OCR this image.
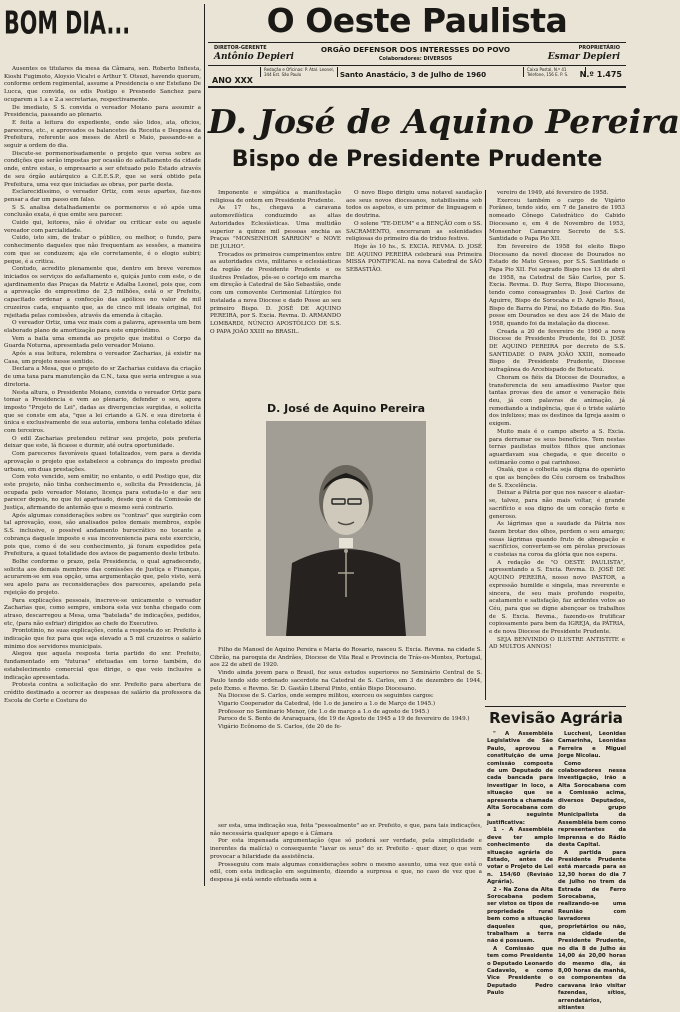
BOM DIA...

Ausentes os titulares da mesa da Câmara, sen. Roberto Infiesta, Kioshi Fugimoto, Aloysio Vicalvi e Arthur Y. Otsuzi, havendo quorum, conforme ordem regimental, assume a Presidencia o snr Estefano De Lucca, que convida, os edis Postigo e Presnedo Sanchez para ocuparem a 1.a e 2.a secretarias, respectivamente.

De imediato, S S. convida o vereador Moiano para assumir a Presidencia, passando ao plenario.

E feita a leitura do expediente, onde são lidos, ata, oficios, pareceres, etc., e aprovados os balancetes da Receita e Despesa da Prefeitura, referente aos meses de Abril e Maio, passando-se a seguir a ordem do dia.

Discute-se pormenorisadamente o projeto que versa sobre as condições que serão impostas por ocasião do asfaltamento da cidade onde, entre estas, o empresario a ser efetuado pelo Estado através de seu órgão autárquico a C.E.E.S.P., que se será obtido pela Prefeitura, uma vez que iniciadas as obras, por parte desta.

Esclarecidissimo, o vereador Ortiz, com seus apartes, faz-nos pensar a dar um passo em falso.

S S. analisa detalhadamente os pormenores e só após uma conclusão exata, é que emite seu parecer.

Cuido qui, leitores, não é olvidar ou criticar este ou aquele vereador com parcialidade.

Cuido, isto sim, de tratar o público, ou melhor, o fundo, para conhecimento daqueles que não frequentam as sessões, a maneira com que se conduzem; aja ele corretamente, é o elogio subiri; peque, é a critica.

Contudo, acredito plenamente que, dentro em breve veremos iniciados os serviços do asfaltamento e, quiçás junto com este, o de ajardinamento das Praças da Matriz e Adalba Leonel, pois que, com a aprovação do emprestimo de 2,5 milhões, está o sr Prefeito, capacitado ordenar a confecção das apólices no valor de mil cruzeiros cada, enquanto que, as de cinco mil ideais original, foi rejeitada pelas comissões, através da emenda à citação.

O vereador Ortiz, uma vez mais com a palavra, apresenta um bem elaborado plano de amortização para este empréstimo.

Vem a baila uma emenda ao projeto que institui o Corpo da Guarda Noturna, apresentada pelo vereador Moiano.

Após a sua leitura, relembra o vereador Zacharias, já existir na Casa, um projeto nesse sentido.

Declara a Mesa, que o projeto do sr Zacharias cuidava da criação de uma taxa para manutenção da C.N., taxa que seria entregue a sua diretoria.

Nesta altura, o Presidente Moiano, convida o vereador Ortiz para tomar a Presidencia e vem ao plenario, defender o seu, agora imposto "Projeto de Lei", dadas as divergencias surgidas, e solicita que se conste em ata, "que a lei criando a G.N. e sua diretoria é única e exclusivamente de sua autoria, embora tenha coletado idéias com terceiros.

O edil Zacharias pretendeu retirar seu projeto, pois preferia deixar que este, lá ficasse e durmir, até outra oportunidade.

Com pareceres favoráveis quasi totalizados, vem para a devida aprovação o projeto que estabelece a cobrança do imposto predial urbano, em duas prestações.

Com voto vencido, sem emitir, no entanto, o edil Postigo que, diz este projeto, não tinha conhecimento e, solicita da Presidencia, já ocupada pelo vereador Moiano, licença para estuda-lo e dar seu parecer depois, no que foi aparteado, desde que é da Comissão de Justiça, afirmando de antemão que o mesmo será contrario.

Após algumas considerações sobre os "contras" que surgirão com tal aprovação, esse, são analisados pelos demais membros, expõe S.S. inclusive, o possivel andamento burocrático no tocante a cobrança daquele imposto e sua inconveniencia para este exercicio, pois que, como é de seu conhecimento, já foram expedidos pela Prefeitura, a quasi totalidade dos avisos de pagamento deste tributo.

Bolhe conforme o prazo, pela Presidencia, o qual agradecendo, solicita aos demais membros das comissões de Justiça e Finanças, acurarem-se em sua opção, uma argumentação que, pelo visto, será seu apelo para as reconsiderações dos pareceres, apelando pela rejeição do projeto.

Para explicações pessoais, inscreve-se unicamente o vereador Zacharias que, como sempre, embora esta vez tenha chegado com atraso, descarregou a Mesa, uma "batelada" de indicações, pedidos, etc, (para não esfriar) dirigidos ao chefe do Executivo.

Prontotinio, no suas explicações, conta a resposta do sr. Prefeito à indicação que fez para que seja elevado a 5 mil cruzeiros o salário minimo dos servidores municipais.

Alegou que aquela resposta teria partido do snr. Prefeito, fundamentado em "futuras" efetuadas em torno também, do estabelecimento comercial que dirige, o que veio inclusive a indicação apresentada.

Protesta contra a solicitação do snr. Prefeito para abertura de crédito destinado a ocorrer as despesas de salário da professora da Escola de Corte e Costura do

O Oeste Paulista
DIRETOR-GERENTE
Antônio Depieri
ORGÃO DEFENSOR DOS INTERESSES DO POVO
Colaboradores: DIVERSOS
PROPRIETÁRIO
Esmar Depieri
ANO XXX
Redação e Oficinas: P. Atal. Leonel, 344 Est. São Paulo	Santo Anastácio, 3 de Julho de 1960
Caixa Postal, N.º 41 Telefone, 156 E. P. S.	N.º 1.475
D. José de Aquino Pereira
Bispo de Presidente Prudente

Imponente e simpática a manifestação religiosa de ontem em Presidente Prudente.

As 17 hs., chegava a caravana automovilística conduzindo as altas Autoridades Eclesiásticas. Uma multidão superior a quinze mil pessoas enchia as Praças "MONSENHOR SARRION" e NOVE DE JULHO".

Trocados os primeiros cumprimentos entre as autoridades civis, militares e eclesiásticas da região de Presidente Prudente e os ilustres Prelados, pôs-se o cortejo em marcha em direção à Catedral de São Sebastião, onde com um comovente Cerimonial Litúrgico foi instalada a nova Diocese e dado Posse ao seu primeiro Bispo. D. JOSÉ DE AQUINO PEREIRA, por S. Excia. Revma. D. ARMANDO LOMBARDI, NÚNCIO APOSTÓLICO DE S.S. O PAPA JOÃO XXIII no BRASIL.

O novo Bispo dirigiu uma notavel saudação aos seus novos diocesanos, notabilissima sob todos os aspetos, e um primor de linguagem e de doutrina.

O solene "TE-DEUM" e a BENÇÃO com o SS. SACRAMENTO, encerraram as solenidades religiosas do primeiro dia do triduo festivo.

Hoje às 10 hs., S. EXCIA. REVMA. D. JOSÉ DE AQUINO PEREIRA celebrará sua Primeira MISSA PONTIFICAL na nova Catedral de SÃO SEBASTIÃO.

D. José de Aquino Pereira

Filho de Manoel de Aquino Pereira e Maria do Rosario, nasceu S. Excia. Revma. na cidade S. Cibrão, na paroquia de Andrães, Diocese de Vila Real e Provincia de Trás-os-Montes, Portugal, aos 22 de abril de 1920.

Vindo ainda jovem para o Brasil, fez seus estudos superiores no Seminário Central de S. Paulo tendo sido ordenado sacerdote na Catedral de S. Carlos, em 3 de dezembro de 1944, pelo Exmo. e Revmo. Sr. D. Gastão Liberal Pinto, então Bispo Diocesano.

Na Diocese de S. Carlos, onde sempre militou, exerceu os seguintes cargos:

Vigario Cooperador da Catedral, (de 1.o de janeiro a 1.o de Março de 1945.)

Professor no Seminario Menor, (de 1.o de março a 1.o de agosto de 1945.)

Paroco de S. Bento de Araraquara, (de 19 de Agosto de 1945 a 19 de fevereiro de 1949.)

Vigário Ecônomo de S. Carlos, (de 20 de fe-

ser esta, uma indicação sua, feita "pessoalmente" ao sr. Prefeito, e que, para tais indicações, não necessária qualquer apego e à Câmara

Por esta impensada argumentação (que só poderá ser verdade, pela simplicidade e inerentes da malícia) o consequente "lavar os seus" do sr. Prefeito - quer dizer, o que vem provocar a hilaridade da assistência.

Prosseguiu com mais algumas considerações sobre o mesmo assunto, uma vez que está o edil, com esta indicação em seguimento, dizendo a surpresa e que, no caso de vez que a despesa já está sendo efetuada sem a

vereiro de 1949, até fevereiro de 1958.

Exerceu também o cargo de Vigário Forâneo, tendo sido, em 7 de Janeiro de 1953 nomeado Cônego Catedrático do Cabido Diocesano e, em 4 de Novembro de 1953, Monsenhor Camareiro Secreto de S.S. Santidade o Papa Pio XII.

Em fevereiro de 1958 foi eleito Bispo Diocesano da novel diocese de Dourados no Estado de Mato Grosso, por S.S. Santidade o Papa Pio XII. Foi sagrado Bispo nos 13 de abril de 1958, na Catedral de São Carlos, por S. Excia. Revma. D. Ruy Serra, Bispo Diocesano, tendo como consagrantes D. José Carlos de Aguirre, Bispo de Sorocaba e D. Agnelo Rossi, Bispo de Barra do Piraí, no Estado do Rio. Sua posse em Dourados se deu aos 24 de Maio de 1958, quando foi da instalação da diocese.

Creada a 20 de fevereiro de 1960 a nova Diocese de Presidente Prudente, foi D. JOSÉ DE AQUINO PEREIRA por decreto de S.S. SANTIDADE O PAPA JOÃO XXIII, nomeado Bispo de Presidente Prudente, Diocese sufragânea do Arcebispado de Botucatú.

Choram os fiéis da Diocese de Dourados, a transferencia de seu amadíssimo Pastor que tantas provas deu de amor e veneração fiéis deu, já com palavras de animação, já remediando a indigência, que é o triste salário dos infelizes; mas os destinos da Igreja assim o exigem.

Muito mais é o campo aberto a S. Excia. para derramar os seus benefícios. Tem nestas terras paulistas muitos filhos que ancionas aguardavam sua chegada, e que deceito o estimarão como o pai carinhoso.

Oxalá, que a colheita seja digna do operário e que as benções do Céu coroem os trabalhos de S. Excelência.

Deixar a Pátria por que nos nascer e alastar-se, talvez, para não mais voltar, é grande sacrifício e soa digno de um coração forte e generoso.

As lágrimas que a saudade da Pátria nos fazem brotar dos olhos, perdem o seu amargo; essas lágrimas quando fruto de abnegação e sacrifícios, convertem-se em pérolas preciosas e custeias na coroa da glória que nos espera.

A redação de "O OESTE PAULISTA", apresentando a S. Excia. Revma. D. JOSÉ DE AQUINO PEREIRA, nosso novo PASTOR, a expressão humilde e singela, mas reverente e sincera, de seu mais profundo respeito, acatamento e satisfação, faz ardentes votos ao Céu, para que se digne abençoar os trabalhos de S. Excia. Revma., fazendo-os frutificar copiosamente para bem da IGREJA, da PÁTRIA, e de nova Diocese de Presidente Prudente.

SEJA BENVINDO O ILUSTRE ANTISTITE e AD MULTOS ANNOS!

Revisão Agrária

" A Assembléia Legislativa de São Paulo, aprovou a constituição de uma comissão composta de um Deputado de cada bancada para investigar in loco, a situação que se apresenta a chamada Alta Sorocabana com a seguinte justificativa:

1 - A Assembléia deve ter amplo conhecimento da situação agrária do Estado, antes de votar o Projeto de Lei n. 154/60 (Revisão Agrária).

2 - Na Zona da Alta Sorocabana podem ser vistos os tipos de propriedade rural bem como a situação daqueles que, trabalham a terra não é possuem.

A Comissão que tem como Presidente o Deputado Leonardo Cadavelo, e como Vice Presidente o Deputado Pedro Paulo

Lucchesi, Leonidas Camarinha, Leonidas Ferreira e Miguel Jorge Nicolau.

Como colaboradores nessa investigação, irão a Alta Sorocabana com a Comissão acima, diversos Deputados, do grupo Municipalista da Assembléia bem como representantes da Imprensa e do Rádio desta Capital.

A partida para Presidente Prudente está marcada para as 12,30 horas do dia 7 de julho no trem da Estrada de Ferro Sorocabana, realizando-se uma Reunião com lavradores proprietários ou não, na cidade de Presidente Prudente, no dia 8 de Julho ás 14,00 ás 20,00 horas do mesmo dia, ás 8,00 horas da manhã, os componentes da caravana irão visitar fazendas, sítios, arrendatários, sitiantes
